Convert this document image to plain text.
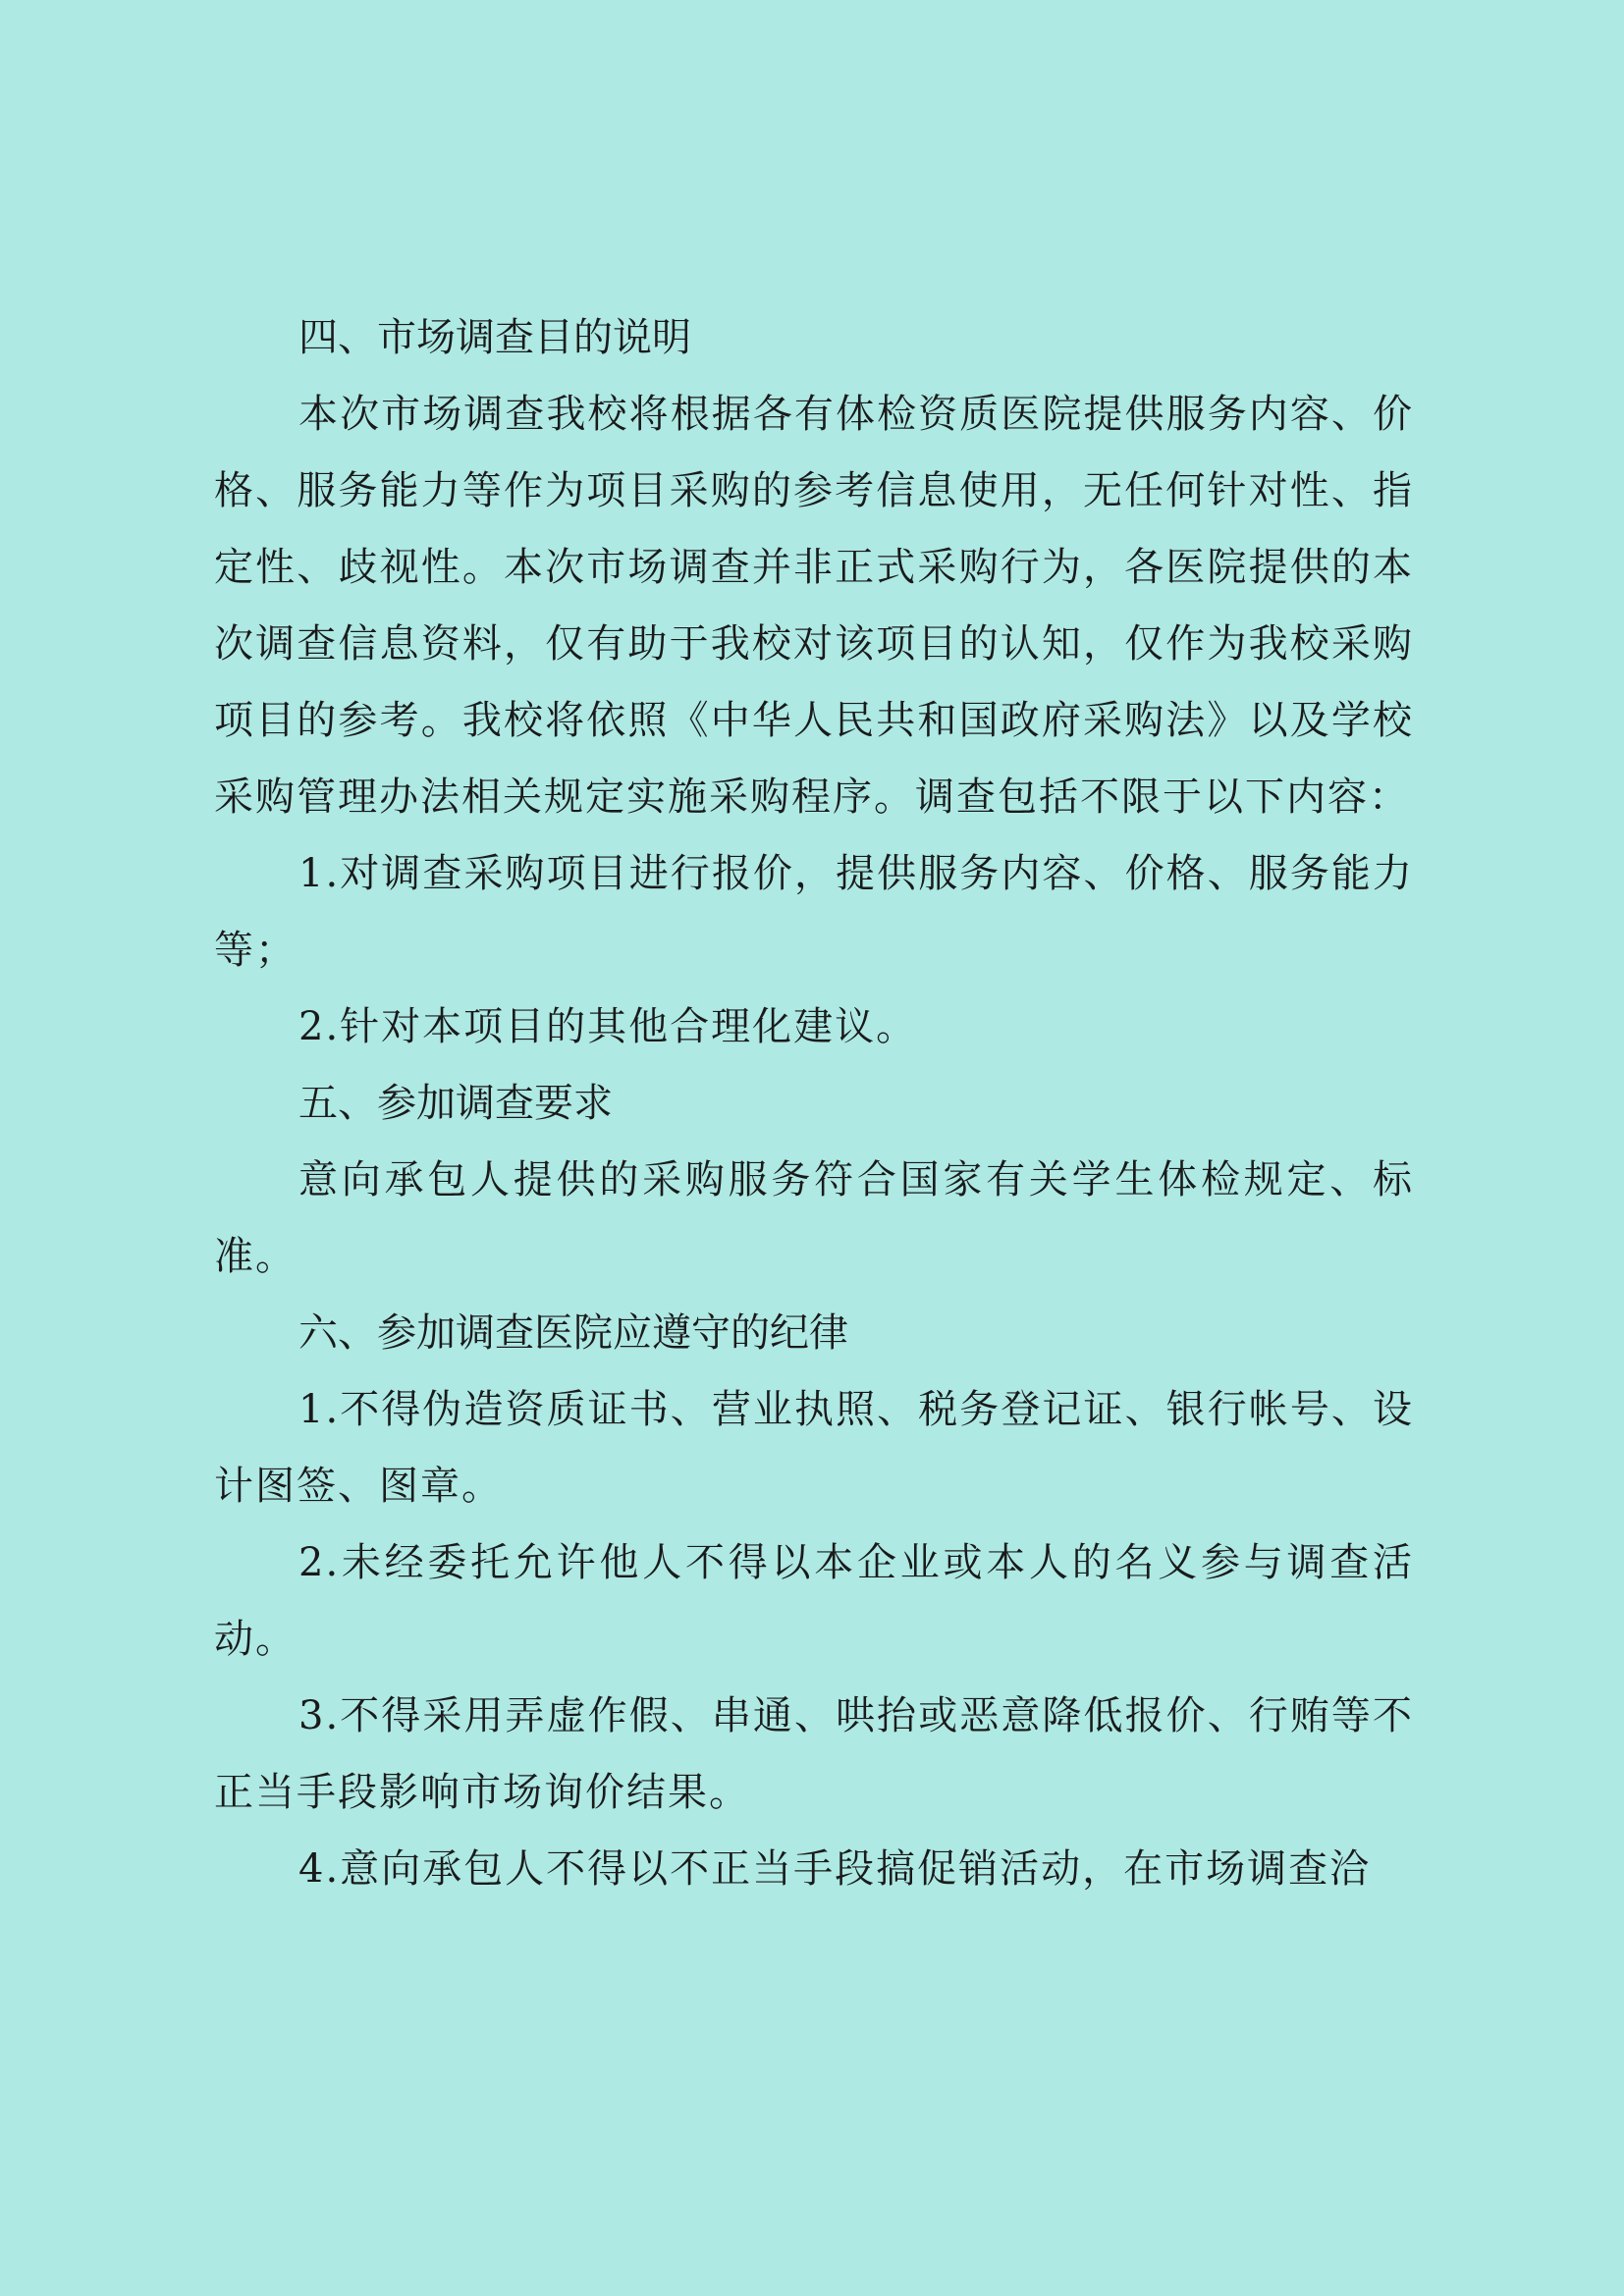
四、市场调查目的说明

本次市场调查我校将根据各有体检资质医院提供服务内容、价格、服务能力等作为项目采购的参考信息使用，无任何针对性、指定性、歧视性。本次市场调查并非正式采购行为，各医院提供的本次调查信息资料，仅有助于我校对该项目的认知，仅作为我校采购项目的参考。我校将依照《中华人民共和国政府采购法》以及学校采购管理办法相关规定实施采购程序。调查包括不限于以下内容：

1.对调查采购项目进行报价，提供服务内容、价格、服务能力等；

2.针对本项目的其他合理化建议。

五、参加调查要求

意向承包人提供的采购服务符合国家有关学生体检规定、标准。

六、参加调查医院应遵守的纪律

1.不得伪造资质证书、营业执照、税务登记证、银行帐号、设计图签、图章。

2.未经委托允许他人不得以本企业或本人的名义参与调查活动。

3.不得采用弄虚作假、串通、哄抬或恶意降低报价、行贿等不正当手段影响市场询价结果。

4.意向承包人不得以不正当手段搞促销活动，在市场调查洽
